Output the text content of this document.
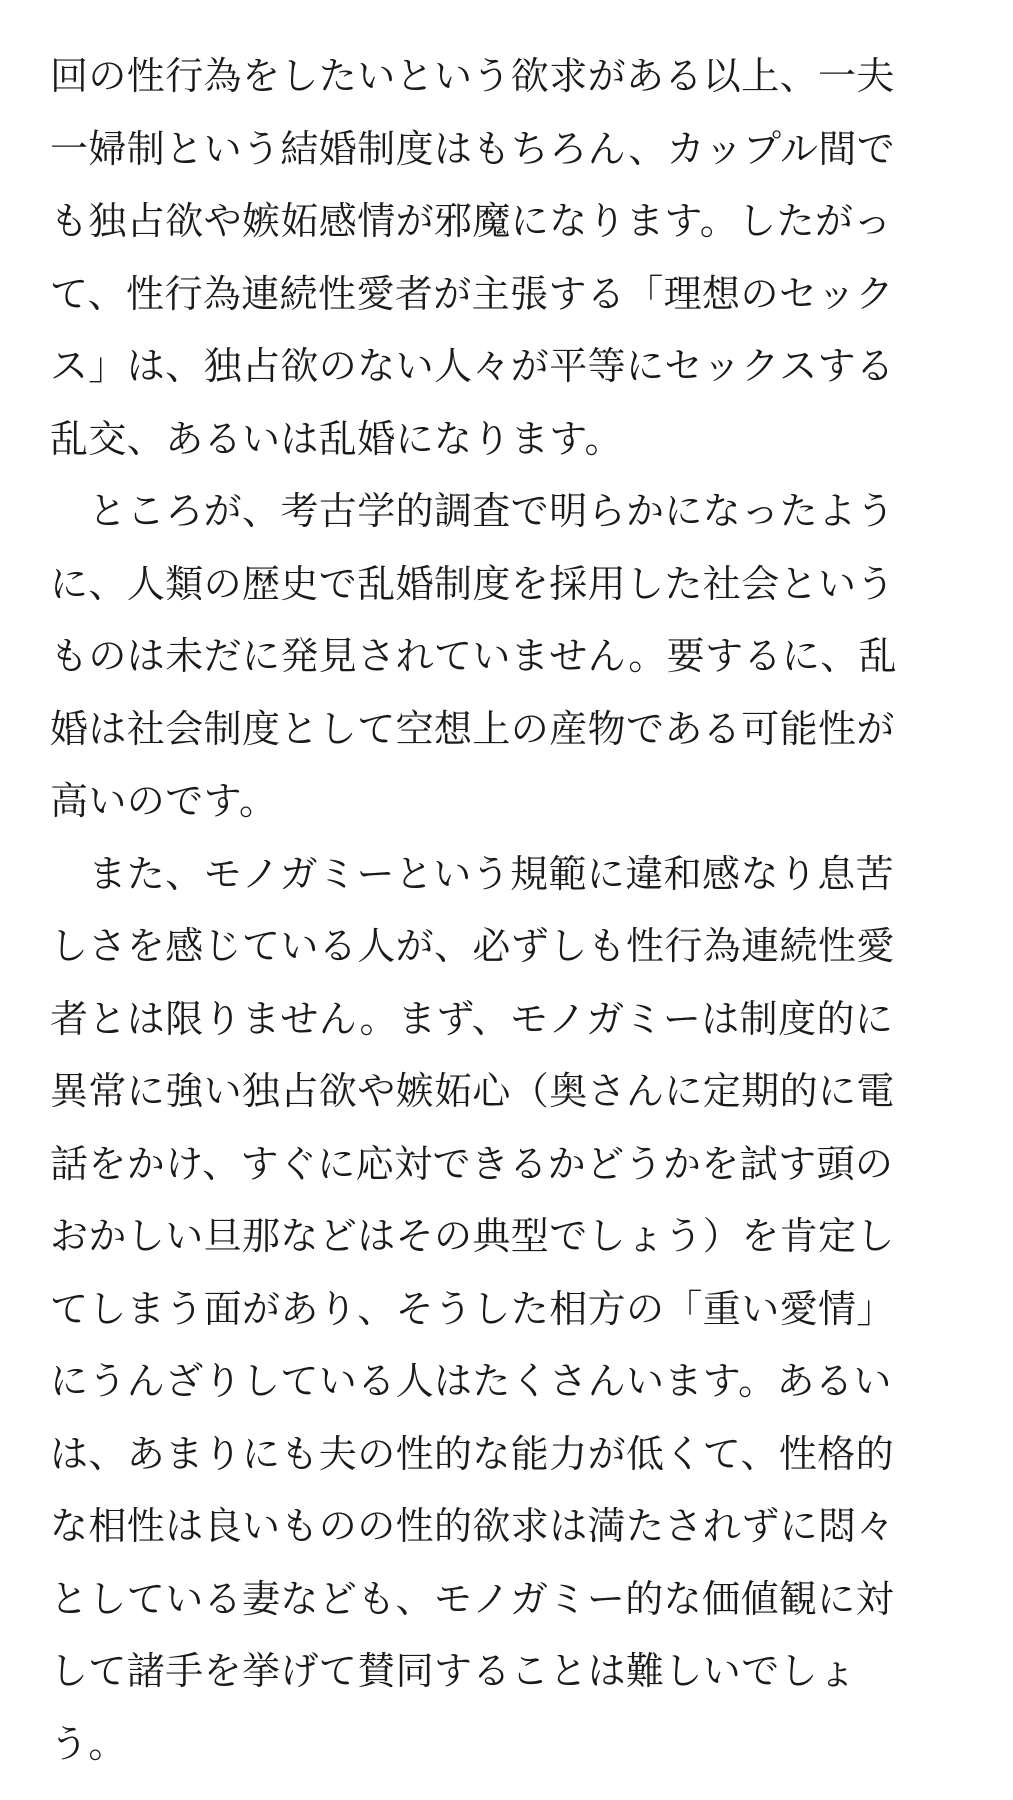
回の性行為をしたいという欲求がある以上、一夫
一婦制という結婚制度はもちろん、カップル間で
も独占欲や嫉妬感情が邪魔になります。したがっ
て、性行為連続性愛者が主張する「理想のセック
ス」は、独占欲のない人々が平等にセックスする
乱交、あるいは乱婚になります。
　ところが、考古学的調査で明らかになったよう
に、人類の歴史で乱婚制度を採用した社会という
ものは未だに発見されていません。要するに、乱
婚は社会制度として空想上の産物である可能性が
高いのです。
　また、モノガミーという規範に違和感なり息苦
しさを感じている人が、必ずしも性行為連続性愛
者とは限りません。まず、モノガミーは制度的に
異常に強い独占欲や嫉妬心（奥さんに定期的に電
話をかけ、すぐに応対できるかどうかを試す頭の
おかしい旦那などはその典型でしょう）を肯定し
てしまう面があり、そうした相方の「重い愛情」
にうんざりしている人はたくさんいます。あるい
は、あまりにも夫の性的な能力が低くて、性格的
な相性は良いものの性的欲求は満たされずに悶々
としている妻なども、モノガミー的な価値観に対
して諸手を挙げて賛同することは難しいでしょ
う。
